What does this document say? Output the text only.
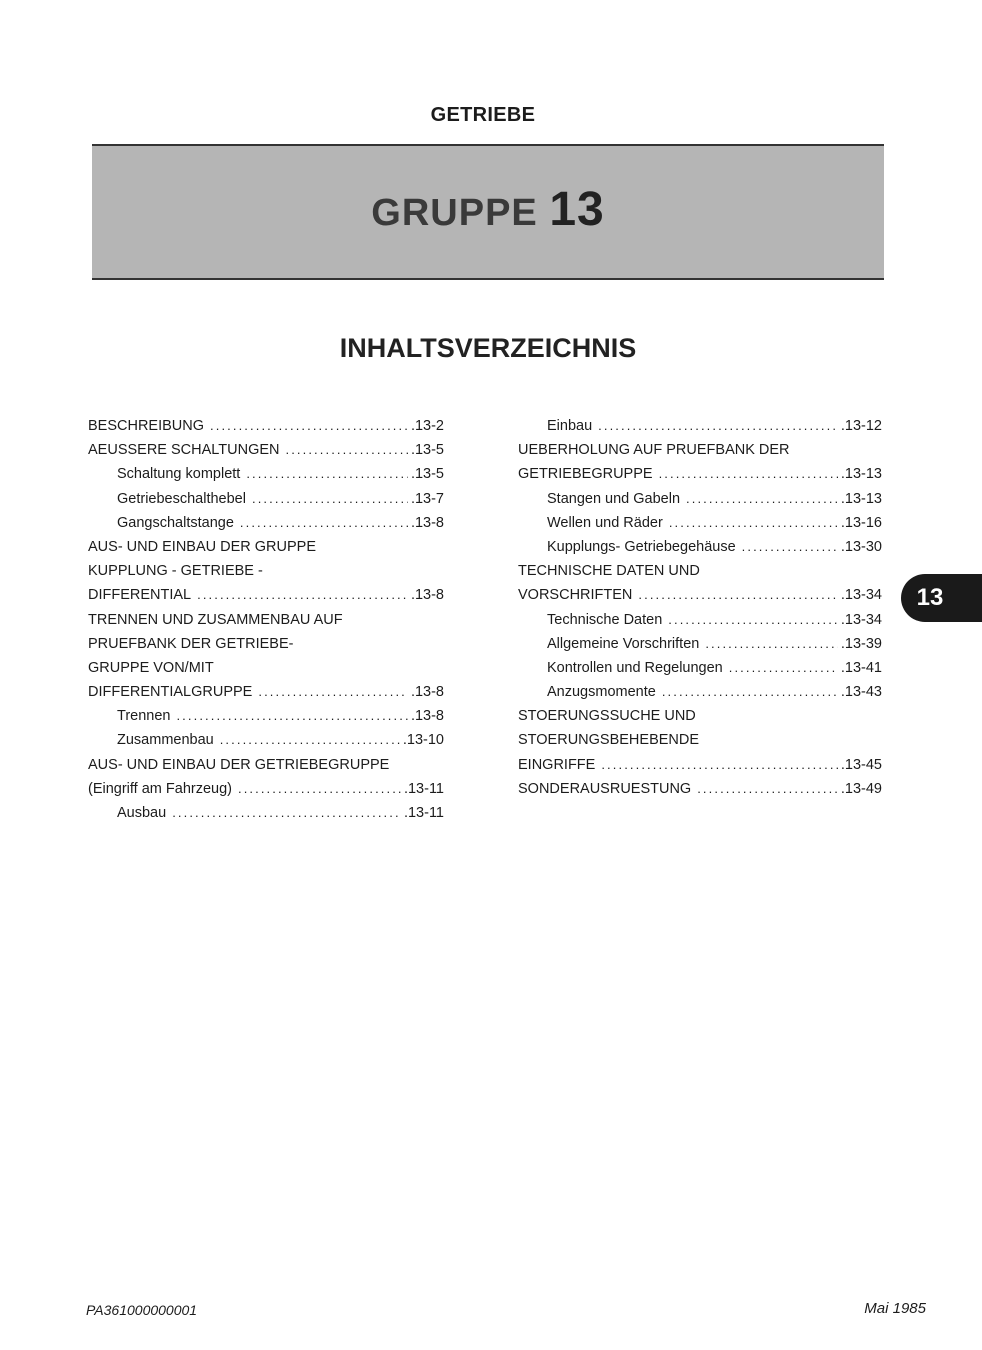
GETRIEBE
GRUPPE 13
INHALTSVERZEICHNIS
BESCHREIBUNG .....	.13-2
AEUSSERE SCHALTUNGEN .....	.13-5
Schaltung komplett .....	.13-5
Getriebeschalthebel .....	.13-7
Gangschaltstange .....	.13-8
AUS- UND EINBAU DER GRUPPE
KUPPLUNG - GETRIEBE -
DIFFERENTIAL .....	.13-8
TRENNEN UND ZUSAMMENBAU AUF
PRUEFBANK DER GETRIEBE-
GRUPPE VON/MIT
DIFFERENTIALGRUPPE .....	.13-8
Trennen .....	.13-8
Zusammenbau .....	.13-10
AUS- UND EINBAU DER GETRIEBEGRUPPE
(Eingriff am Fahrzeug) .....	.13-11
Ausbau .....	.13-11
Einbau .....	.13-12
UEBERHOLUNG AUF PRUEFBANK DER
GETRIEBEGRUPPE .....	.13-13
Stangen und Gabeln .....	.13-13
Wellen und Räder .....	.13-16
Kupplungs- Getriebegehäuse .....	.13-30
TECHNISCHE DATEN UND
VORSCHRIFTEN .....	.13-34
Technische Daten .....	.13-34
Allgemeine Vorschriften .....	.13-39
Kontrollen und Regelungen .....	.13-41
Anzugsmomente .....	.13-43
STOERUNGSSUCHE UND
STOERUNGSBEHEBENDE
EINGRIFFE .....	.13-45
SONDERAUSRUESTUNG .....	.13-49
13
PA361000000001	Mai 1985
